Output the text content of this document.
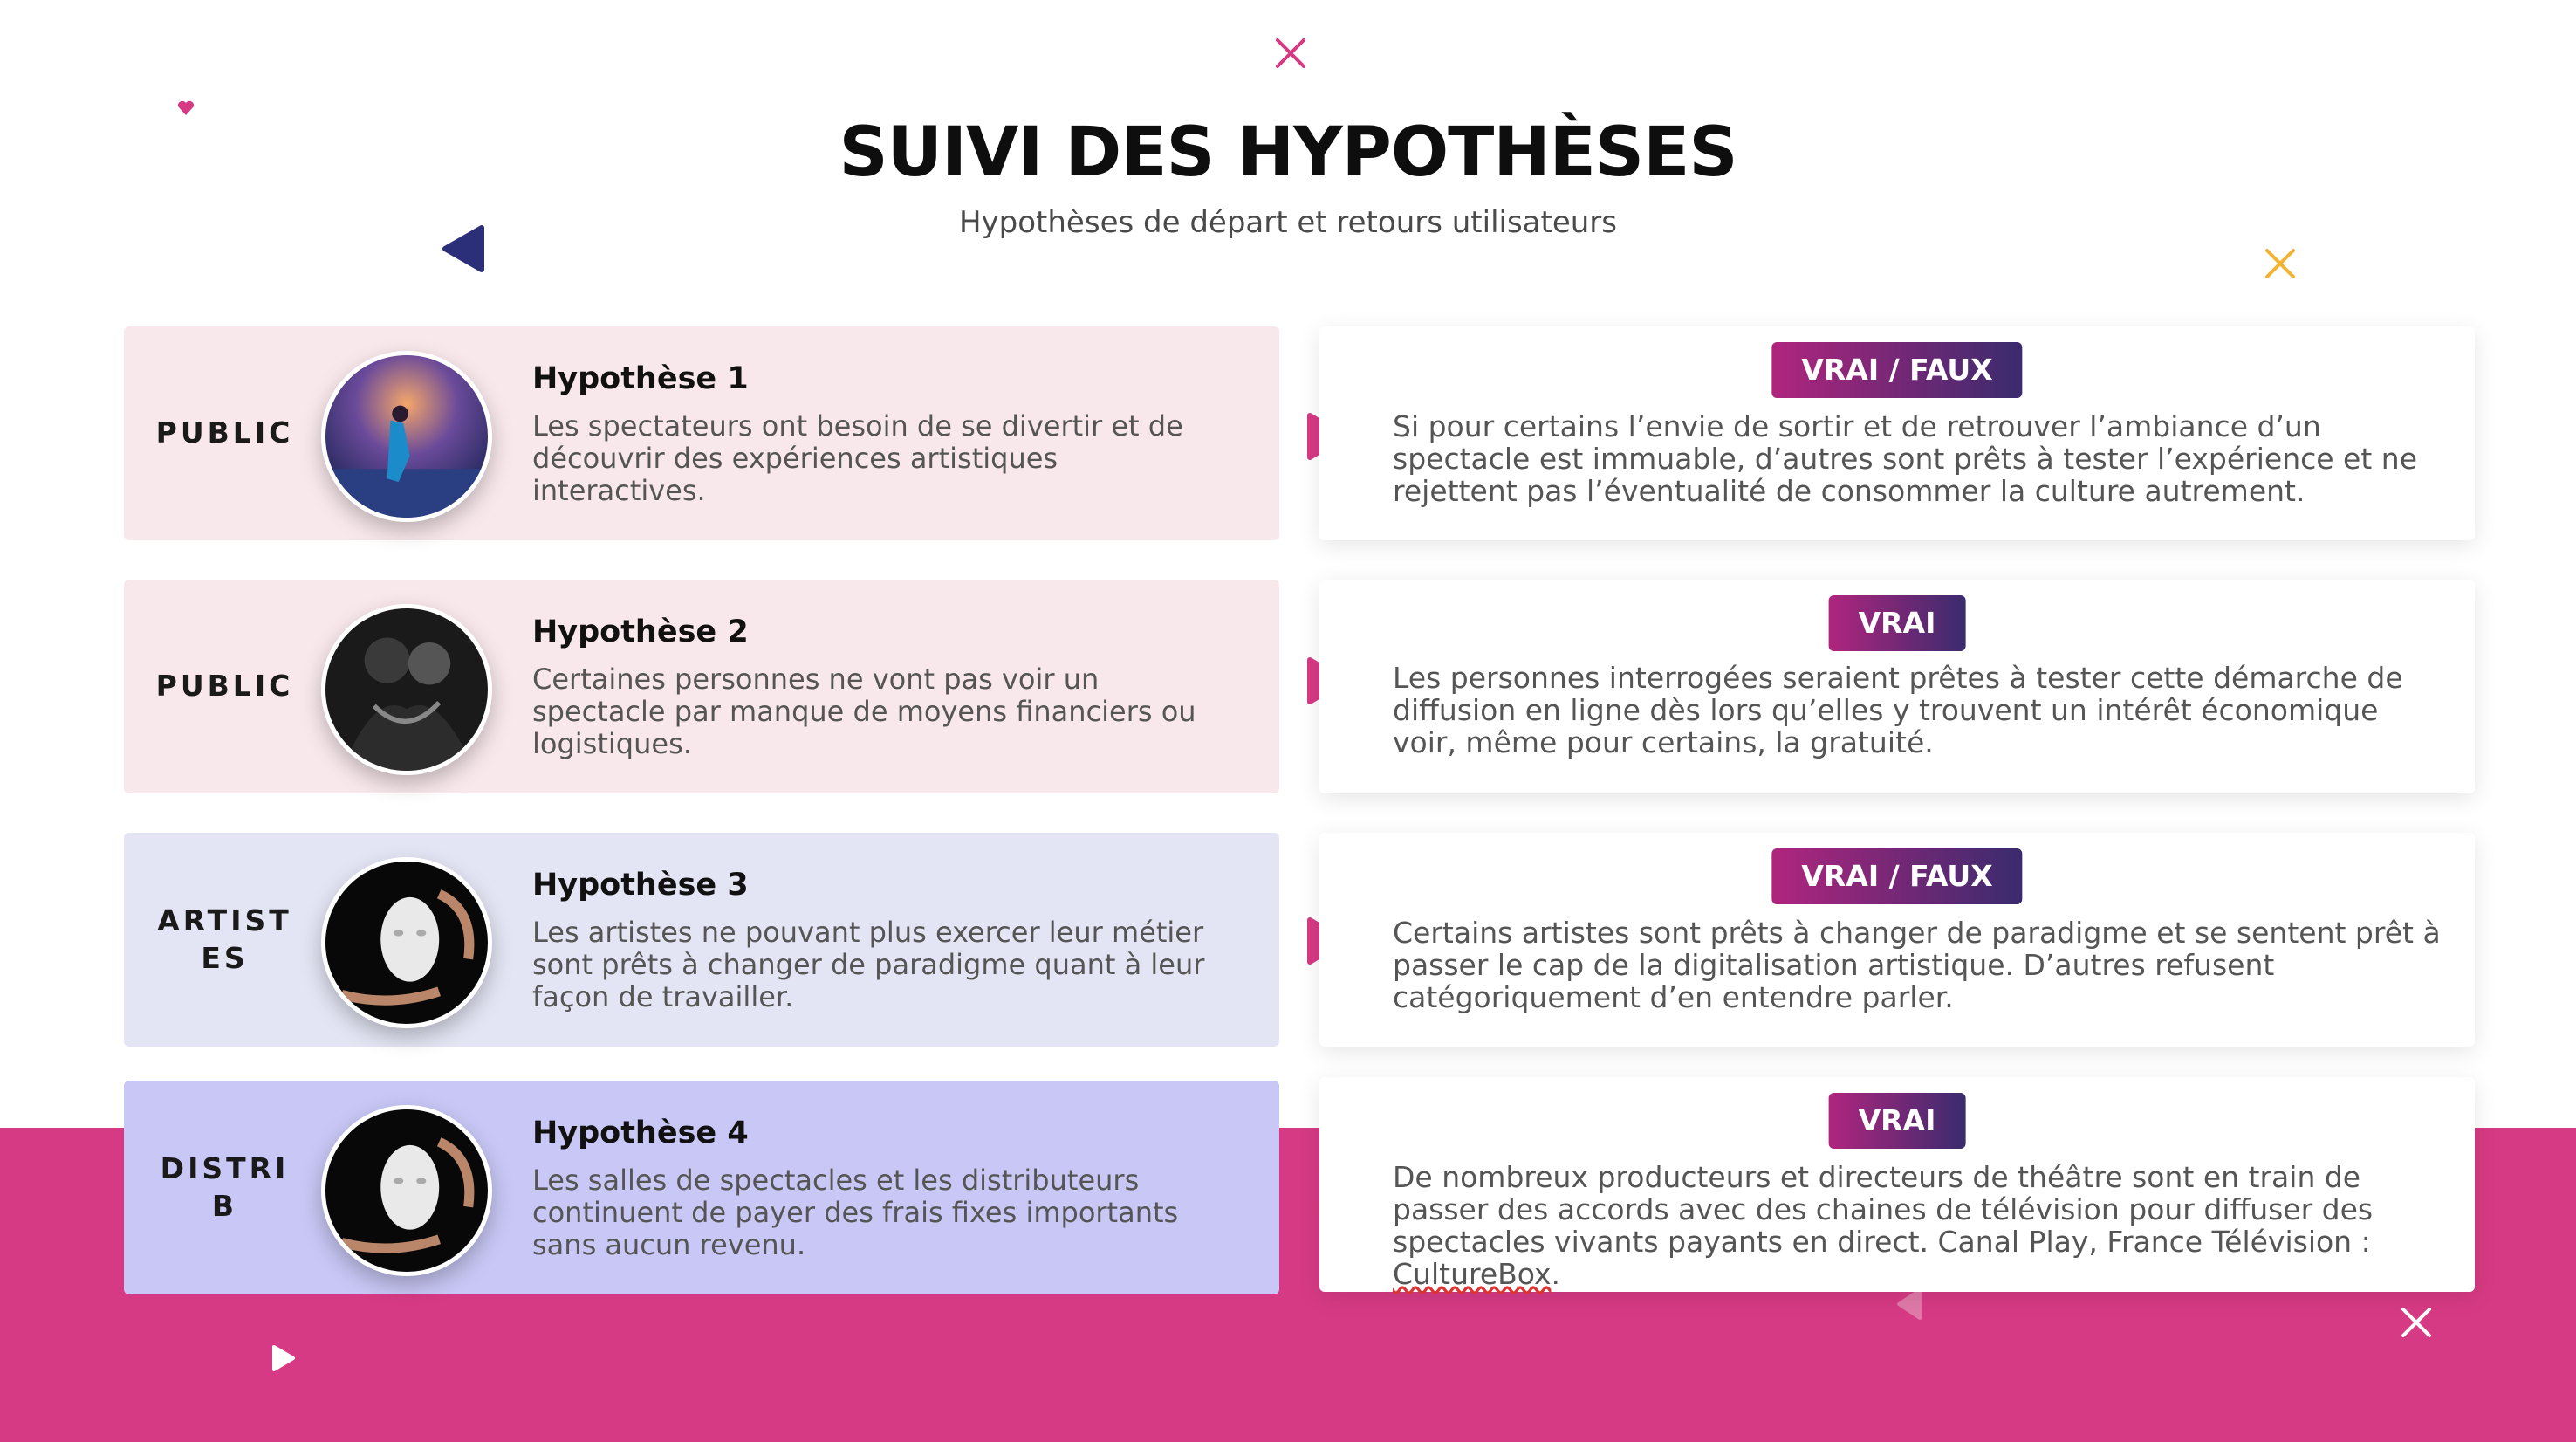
SUIVI DES HYPOTHÈSES
Hypothèses de départ et retours utilisateurs
PUBLIC
Hypothèse 1
Les spectateurs ont besoin de se divertir et de découvrir des expériences artistiques interactives.
VRAI / FAUX
Si pour certains l’envie de sortir et de retrouver l’ambiance d’un spectacle est immuable, d’autres sont prêts à tester l’expérience et ne rejettent pas l’éventualité de consommer la culture autrement.
PUBLIC
Hypothèse 2
Certaines personnes ne vont pas voir un spectacle par manque de moyens financiers ou logistiques.
VRAI
Les personnes interrogées seraient prêtes à tester cette démarche de diffusion en ligne dès lors qu’elles y trouvent un intérêt économique voir, même pour certains, la gratuité.
ARTISTES
Hypothèse 3
Les artistes ne pouvant plus exercer leur métier sont prêts à changer de paradigme quant à leur façon de travailler.
VRAI / FAUX
Certains artistes sont prêts à changer de paradigme et se sentent prêt à passer le cap de la digitalisation artistique. D’autres refusent catégoriquement d’en entendre parler.
DISTRIB
Hypothèse 4
Les salles de spectacles et les distributeurs continuent de payer des frais fixes importants sans aucun revenu.
VRAI
De nombreux producteurs et directeurs de théâtre sont en train de passer des accords avec des chaines de télévision pour diffuser des spectacles vivants payants en direct. Canal Play, France Télévision : CultureBox.
